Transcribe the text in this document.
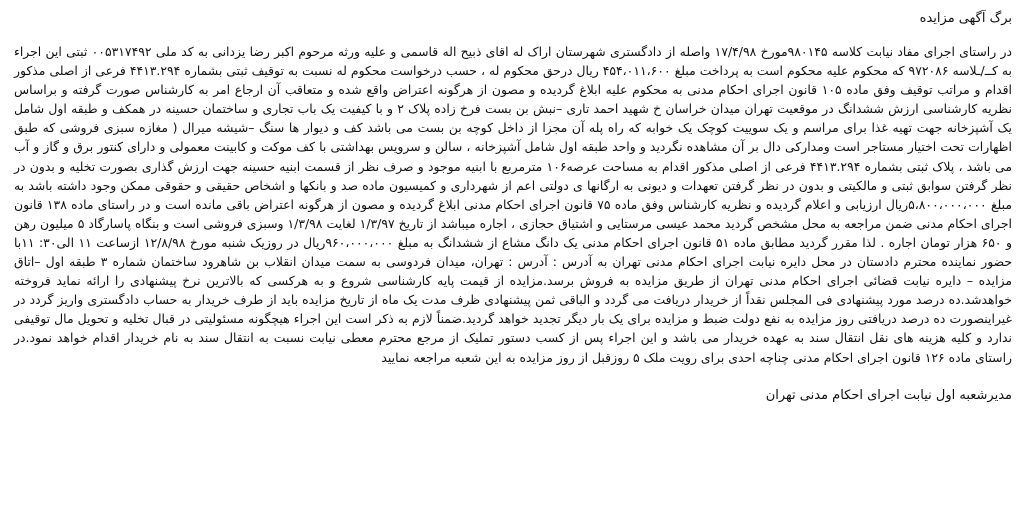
برگ آگهی مزایده

در راستای اجرای مفاد نیابت کلاسه ۹۸۰۱۴۵مورخ ۱۷/۴/۹۸ واصله از دادگستری شهرستان اراک له اقای ذبیح اله قاسمی و علیه ورثه مرحوم اکبر رضا یزدانی به کد ملی ۰۰۵۳۱۷۴۹۲ ثبتی این اجراء به کــ/ـلاسه ۹۷۲۰۸۶ که محکوم علیه محکوم است به پرداخت مبلغ ۴۵۴،۰۱۱،۶۰۰ ریال درحق محکوم له ، حسب درخواست محکوم له نسبت به توقیف ثبتی بشماره ۴۴۱۳.۲۹۴ فرعی از اصلی مذکور اقدام و مراتب توقیف وفق ماده ۱۰۵ قانون اجرای احکام مدنی به محکوم علیه ابلاغ گردیده و مصون از هرگونه اعتراض واقع شده و متعاقب آن ارجاع امر به کارشناس صورت گرفته و براساس نظریه کارشناسی ارزش ششدانگ در موقعیت تهران میدان خراسان خ شهید احمد تاری –نبش بن بست فرخ زاده پلاک ۲ و با کیفیت یک باب تجاری و ساختمان حسینه در همکف و طبقه اول شامل یک آشپزخانه جهت تهیه غذا برای مراسم و یک سوییت کوچک یک خوابه که راه پله آن مجزا از داخل کوچه بن بست می باشد کف و دیوار ها سنگ –شیشه میرال ( مغازه سبزی فروشی که طبق اظهارات تحت اختیار مستاجر است ومدارکی دال بر آن مشاهده نگردید و واحد طبقه اول شامل آشپزخانه ، سالن و سرویس بهداشتی با کف موکت و کابینت معمولی و دارای کنتور برق و گاز و آب می باشد ، پلاک ثبتی بشماره ۴۴۱۳.۲۹۴ فرعی از اصلی مذکور اقدام به مساحت عرصه۱۰۶ مترمربع با ابنیه موجود و صرف نظر از قسمت ابنیه حسینه جهت ارزش گذاری بصورت تخلیه و بدون در نظر گرفتن سوابق ثبتی و مالکیتی و بدون در نظر گرفتن تعهدات و دیونی به ارگانها ی دولتی اعم از شهرداری و کمیسیون ماده صد و بانکها و اشخاص حقیقی و حقوقی ممکن وجود داشته باشد به مبلغ ۵،۸۰۰،۰۰۰،۰۰۰ریال ارزیابی و اعلام گردیده و نظریه کارشناس وفق ماده ۷۵ قانون اجرای احکام مدنی ابلاغ گردیده و مصون از هرگونه اعتراض باقی مانده است و در راستای ماده ۱۳۸ قانون اجرای احکام مدنی ضمن مراجعه به محل مشخص گردید محمد عیسی مرستایی و اشتیاق حجازی ، اجاره میباشد از تاریخ ۱/۳/۹۷ لغایت ۱/۳/۹۸ وسبزی فروشی است و بنگاه پاسارگاد ۵ میلیون رهن و ۶۵۰ هزار تومان اجاره . لذا مقرر گردید مطابق ماده ۵۱ قانون اجرای احکام مدنی یک دانگ مشاع از ششدانگ به مبلغ ۹۶۰،۰۰۰،۰۰۰ریال در روزیک شنبه مورخ ۱۲/۸/۹۸ ازساعت ۱۱ الی۳۰: ۱۱با حضور نماینده محترم دادستان در محل دایره نیابت اجرای احکام مدنی تهران به آدرس : آدرس : تهران، میدان فردوسی به سمت میدان انقلاب بن شاهرود ساختمان شماره ۳ طبقه اول –اتاق مزایده – دایره نیابت قضائی اجرای احکام مدنی تهران از طریق مزایده به فروش برسد.مزایده از قیمت پایه کارشناسی شروع و به هرکسی که بالاترین نرخ پیشنهادی را ارائه نماید فروخته خواهدشد.ده درصد مورد پیشنهادی فی المجلس نقداً از خریدار دریافت می گردد و الباقی ثمن پیشنهادی ظرف مدت یک ماه از تاریخ مزایده باید از طرف خریدار به حساب دادگستری واریز گردد در غیراینصورت ده درصد دریافتی روز مزایده به نفع دولت ضبط و مزایده برای یک بار دیگر تجدید خواهد گردید.ضمناً لازم به ذکر است این اجراء هیچگونه مسئولیتی در قبال تخلیه و تحویل مال توقیفی ندارد و کلیه هزینه های نقل انتقال سند به عهده خریدار می باشد و این اجراء پس از کسب دستور تملیک از مرجع محترم معطی نیابت نسبت به انتقال سند به نام خریدار اقدام خواهد نمود.در راستای ماده ۱۲۶ قانون اجرای احکام مدنی چناچه احدی برای رویت ملک ۵ روزقبل از روز مزایده به این شعبه مراجعه نمایید

مدیرشعبه اول نیابت اجرای احکام مدنی تهران
